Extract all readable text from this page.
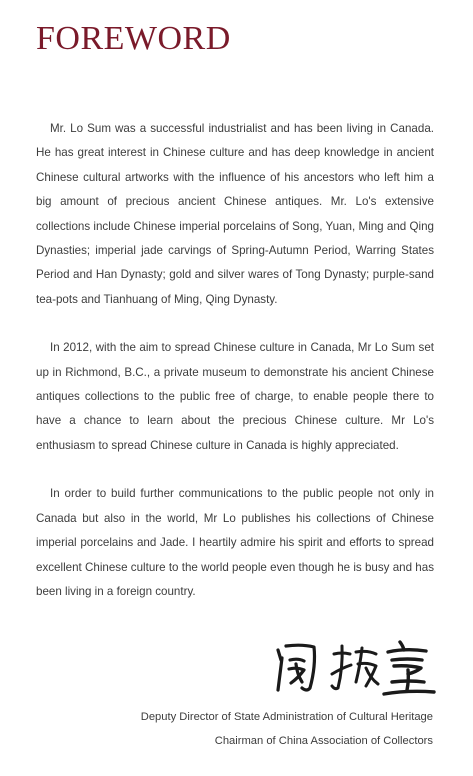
FOREWORD

Mr. Lo Sum was a successful industrialist and has been living in Canada. He has great interest in Chinese culture and has deep knowledge in ancient Chinese cultural artworks with the influence of his ancestors who left him a big amount of precious ancient Chinese antiques. Mr. Lo's extensive collections include Chinese imperial porcelains of Song, Yuan, Ming and Qing Dynasties; imperial jade carvings of Spring-Autumn Period, Warring States Period and Han Dynasty; gold and silver wares of Tong Dynasty; purple-sand tea-pots and Tianhuang of Ming, Qing Dynasty.

In 2012, with the aim to spread Chinese culture in Canada, Mr Lo Sum set up in Richmond, B.C., a private museum to demonstrate his ancient Chinese antiques collections to the public free of charge, to enable people there to have a chance to learn about the precious Chinese culture. Mr Lo's enthusiasm to spread Chinese culture in Canada is highly appreciated.

In order to build further communications to the public people not only in Canada but also in the world, Mr Lo publishes his collections of Chinese imperial porcelains and Jade. I heartily admire his spirit and efforts to spread excellent Chinese culture to the world people even though he is busy and has been living in a foreign country.

Deputy Director of State Administration of Cultural Heritage
Chairman of China Association of Collectors
